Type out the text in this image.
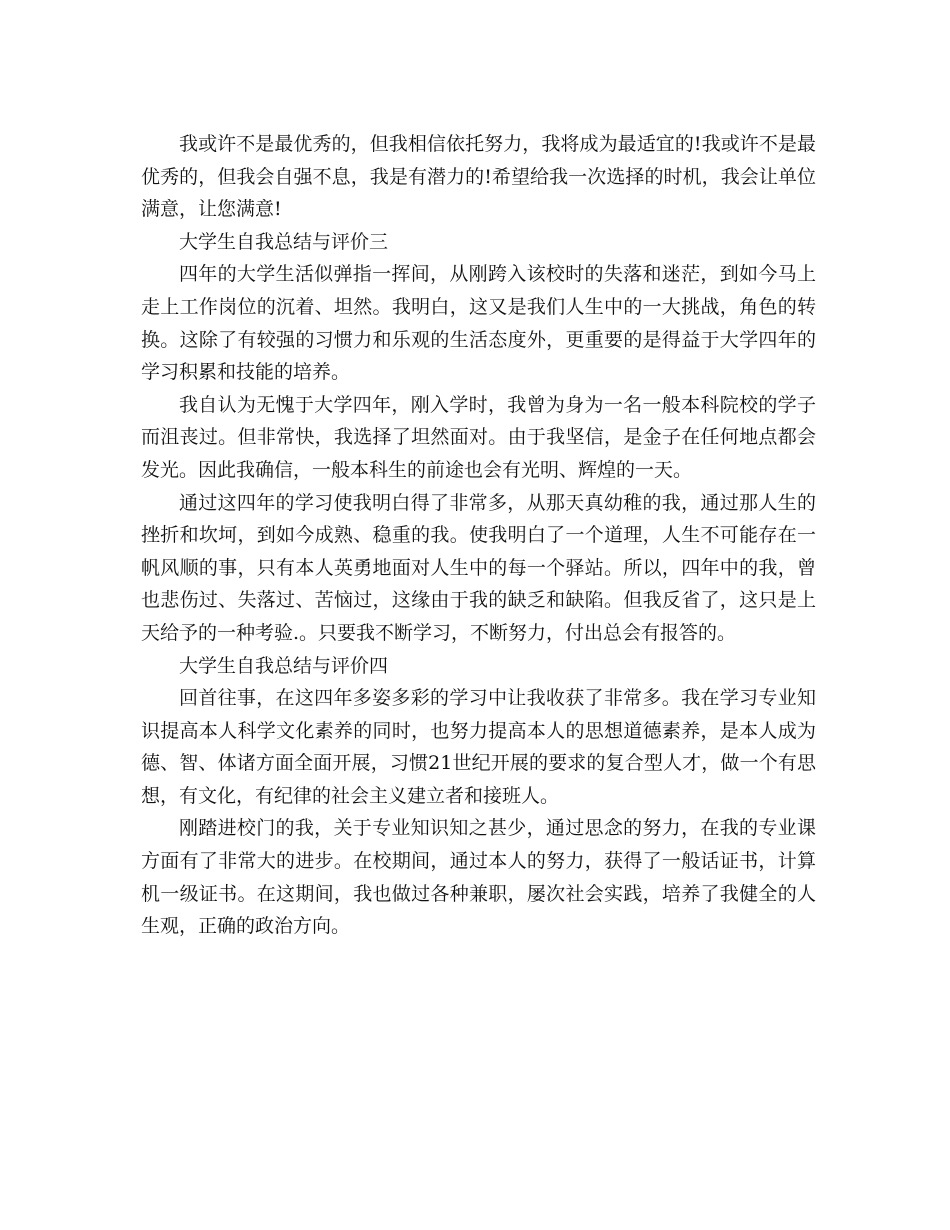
我或许不是最优秀的，但我相信依托努力，我将成为最适宜的!我或许不是最优秀的，但我会自强不息，我是有潜力的!希望给我一次选择的时机，我会让单位满意，让您满意!

大学生自我总结与评价三

四年的大学生活似弹指一挥间，从刚跨入该校时的失落和迷茫，到如今马上走上工作岗位的沉着、坦然。我明白，这又是我们人生中的一大挑战，角色的转换。这除了有较强的习惯力和乐观的生活态度外，更重要的是得益于大学四年的学习积累和技能的培养。

我自认为无愧于大学四年，刚入学时，我曾为身为一名一般本科院校的学子而沮丧过。但非常快，我选择了坦然面对。由于我坚信，是金子在任何地点都会发光。因此我确信，一般本科生的前途也会有光明、辉煌的一天。

通过这四年的学习使我明白得了非常多，从那天真幼稚的我，通过那人生的挫折和坎坷，到如今成熟、稳重的我。使我明白了一个道理，人生不可能存在一帆风顺的事，只有本人英勇地面对人生中的每一个驿站。所以，四年中的我，曾也悲伤过、失落过、苦恼过，这缘由于我的缺乏和缺陷。但我反省了，这只是上天给予的一种考验.。只要我不断学习，不断努力，付出总会有报答的。

大学生自我总结与评价四

回首往事，在这四年多姿多彩的学习中让我收获了非常多。我在学习专业知识提高本人科学文化素养的同时，也努力提高本人的思想道德素养，是本人成为德、智、体诸方面全面开展，习惯21世纪开展的要求的复合型人才，做一个有思想，有文化，有纪律的社会主义建立者和接班人。

刚踏进校门的我，关于专业知识知之甚少，通过思念的努力，在我的专业课方面有了非常大的进步。在校期间，通过本人的努力，获得了一般话证书，计算机一级证书。在这期间，我也做过各种兼职，屡次社会实践，培养了我健全的人生观，正确的政治方向。
